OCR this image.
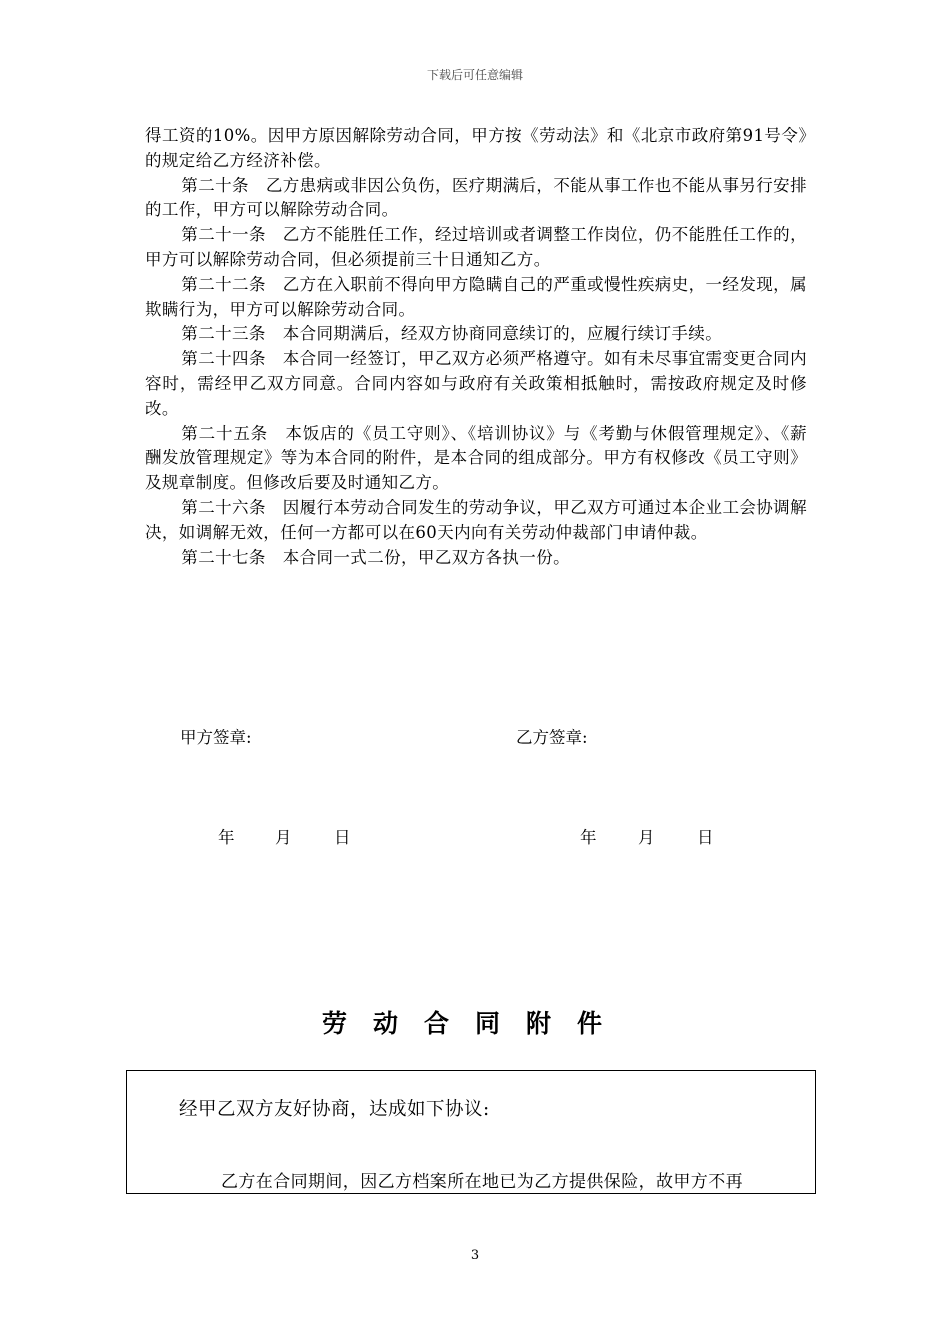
下载后可任意编辑

得工资的10%。因甲方原因解除劳动合同，甲方按《劳动法》和《北京市政府第91号令》的规定给乙方经济补偿。

第二十条　乙方患病或非因公负伤，医疗期满后，不能从事工作也不能从事另行安排的工作，甲方可以解除劳动合同。

第二十一条　乙方不能胜任工作，经过培训或者调整工作岗位，仍不能胜任工作的，甲方可以解除劳动合同，但必须提前三十日通知乙方。

第二十二条　乙方在入职前不得向甲方隐瞒自己的严重或慢性疾病史，一经发现，属欺瞒行为，甲方可以解除劳动合同。

第二十三条　本合同期满后，经双方协商同意续订的，应履行续订手续。

第二十四条　本合同一经签订，甲乙双方必须严格遵守。如有未尽事宜需变更合同内容时，需经甲乙双方同意。合同内容如与政府有关政策相抵触时，需按政府规定及时修改。

第二十五条　本饭店的《员工守则》、《培训协议》与《考勤与休假管理规定》、《薪酬发放管理规定》等为本合同的附件，是本合同的组成部分。甲方有权修改《员工守则》及规章制度。但修改后要及时通知乙方。

第二十六条　因履行本劳动合同发生的劳动争议，甲乙双方可通过本企业工会协调解决，如调解无效，任何一方都可以在60天内向有关劳动仲裁部门申请仲裁。

第二十七条　本合同一式二份，甲乙双方各执一份。

甲方签章:	乙方签章:
年 月	日	年	月	日
劳动合同附件
经甲乙双方友好协商，达成如下协议:
乙方在合同期间，因乙方档案所在地已为乙方提供保险，故甲方不再
3
